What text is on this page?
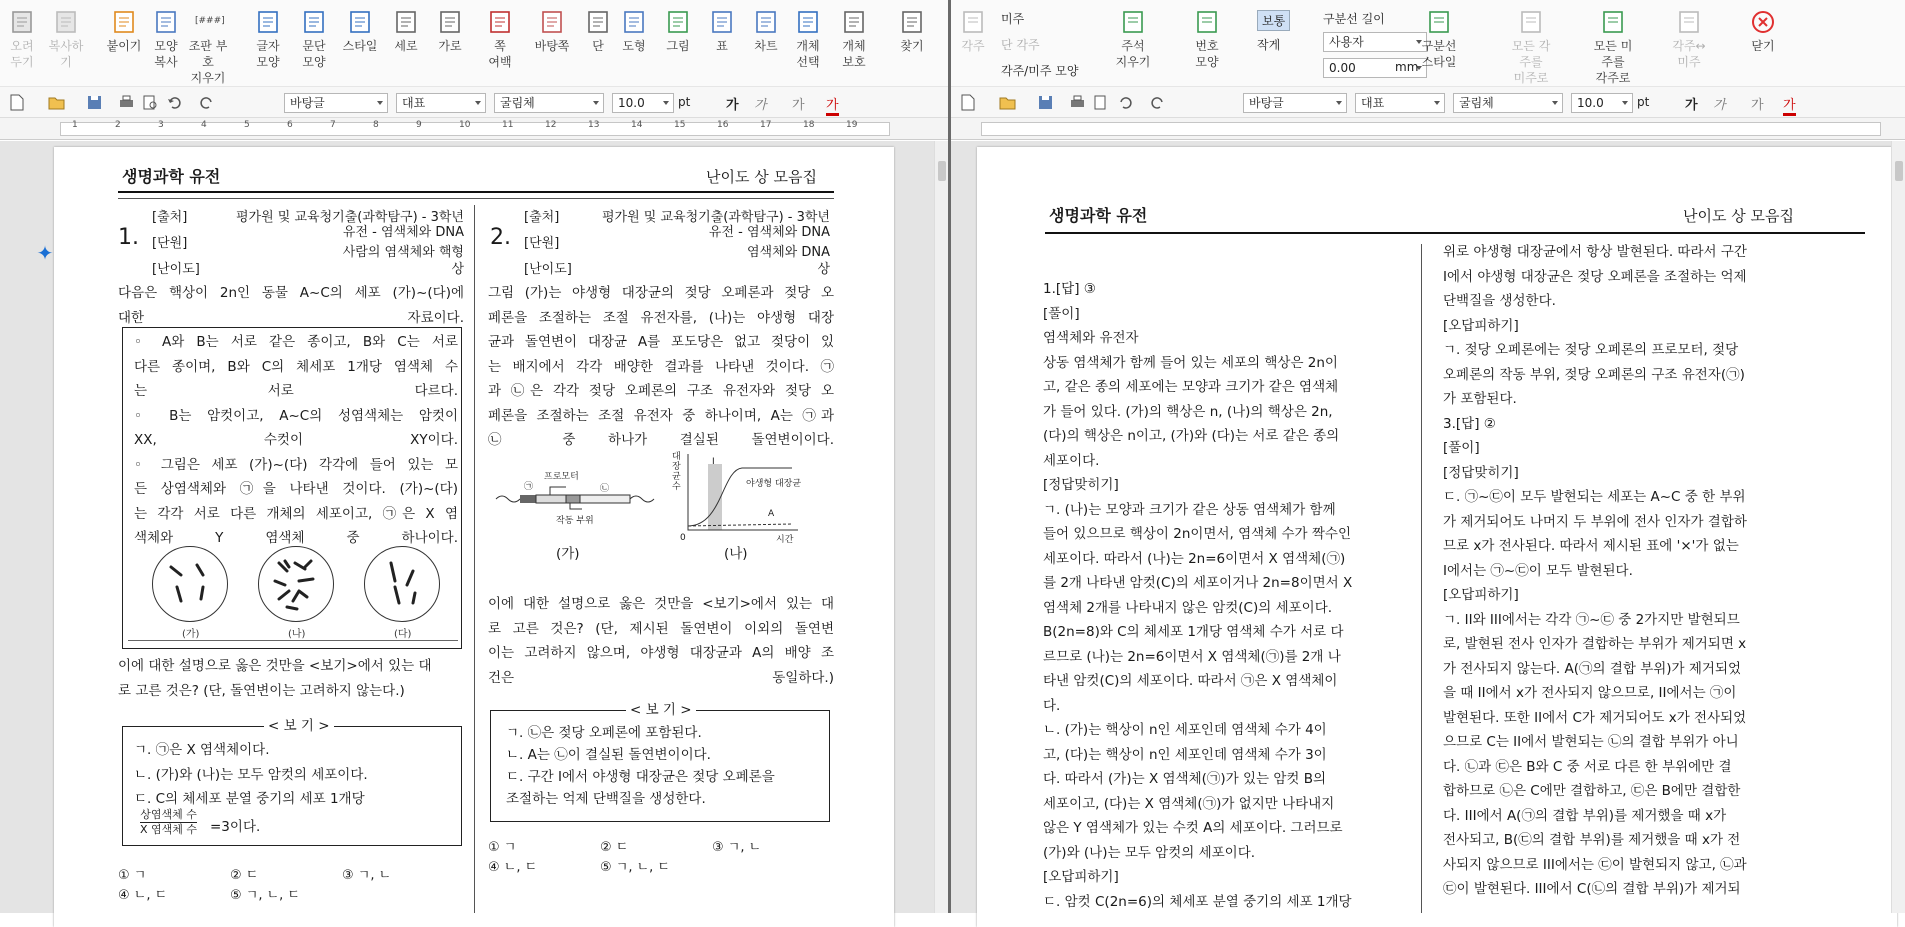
오려
두기
복사하기
붙이기	모양
복사
[###]
조판 부호
지우기
글자
모양
문단
모양
스타일	세로	가로	쪽
여백
바탕쪽	단	도형	그림	표	차트	개체
선택
개체
보호
찾기
바탕글	대표	굴림체	10.0	pt	가 가 가 가
1	2	3	4	5	6	7	8	9	10	11	12	13	14	15	16	17	18	19
✦
생명과학 유전	난이도 상 모음집
1.
[출처]	평가원 및 교육청기출(과학탐구) - 3학년
[단원]
유전 - 염색체와 DNA
사람의 염색체와 핵형
[난이도]	상
다음은 핵상이 2n인 동물 A~C의 세포 (가)~(다)에
대한 자료이다.
◦ A와 B는 서로 같은 종이고, B와 C는 서로
다른 종이며, B와 C의 체세포 1개당 염색체 수
는 서로 다르다.
◦ B는 암컷이고, A~C의 성염색체는 암컷이
XX, 수컷이 XY이다.
◦ 그림은 세포 (가)~(다) 각각에 들어 있는 모
든 상염색체와 ㉠을 나타낸 것이다. (가)~(다)
는 각각 서로 다른 개체의 세포이고, ㉠은 X 염
색체와 Y 염색체 중 하나이다.
(가)	(나)	(다)
이에 대한 설명으로 옳은 것만을 <보기>에서 있는 대
로 고른 것은? (단, 돌연변이는 고려하지 않는다.)
< 보 기 >
ㄱ. ㉠은 X 염색체이다.
ㄴ. (가)와 (나)는 모두 암컷의 세포이다.
ㄷ. C의 체세포 분열 중기의 세포 1개당
상염색체 수
X 염색체 수 =3이다.
① ㄱ	② ㄷ	③ ㄱ, ㄴ
④ ㄴ, ㄷ	⑤ ㄱ, ㄴ, ㄷ
2.
[출처]	평가원 및 교육청기출(과학탐구) - 3학년
[단원]
유전 - 염색체와 DNA
염색체와 DNA
[난이도]	상
그림 (가)는 야생형 대장균의 젖당 오페론과 젖당 오
페론을 조절하는 조절 유전자를, (나)는 야생형 대장
균과 돌연변이 대장균 A를 포도당은 없고 젖당이 있
는 배지에서 각각 배양한 결과를 나타낸 것이다. ㉠
과 ㉡은 각각 젖당 오페론의 구조 유전자와 젖당 오
페론을 조절하는 조절 유전자 중 하나이며, A는 ㉠과
㉡ 중 하나가 결실된 돌연변이이다.
프로모터
작동 부위
㉠	㉡
(가)
대장균 수	야생형 대장균
A
I
시간
0
(나)
이에 대한 설명으로 옳은 것만을 <보기>에서 있는 대
로 고른 것은? (단, 제시된 돌연변이 이외의 돌연변
이는 고려하지 않으며, 야생형 대장균과 A의 배양 조
건은 동일하다.)
< 보 기 >
ㄱ. ㉡은 젖당 오페론에 포함된다.
ㄴ. A는 ㉡이 결실된 돌연변이이다.
ㄷ. 구간 I에서 야생형 대장균은 젖당 오페론을
조절하는 억제 단백질을 생성한다.
① ㄱ	② ㄷ	③ ㄱ, ㄴ
④ ㄴ, ㄷ	⑤ ㄱ, ㄴ, ㄷ
미주
단 각주
각주/미주 모양
보통
작게
구분선 길이
사용자
0.00	mm
각주	주석
지우기
번호
모양
구분선
스타일
모든 각주를
미주로
모든 미주를
각주로
각주↔미주
닫기
바탕글	대표	굴림체	10.0	pt	가 가 가 가
생명과학 유전	난이도 상 모음집
1.[답] ③
[풀이]
염색체와 유전자
상동 염색체가 함께 들어 있는 세포의 핵상은 2n이
고, 같은 종의 세포에는 모양과 크기가 같은 염색체
가 들어 있다. (가)의 핵상은 n, (나)의 핵상은 2n,
(다)의 핵상은 n이고, (가)와 (다)는 서로 같은 종의
세포이다.
[정답맞히기]
ㄱ. (나)는 모양과 크기가 같은 상동 염색체가 함께
들어 있으므로 핵상이 2n이면서, 염색체 수가 짝수인
세포이다. 따라서 (나)는 2n=6이면서 X 염색체(㉠)
를 2개 나타낸 암컷(C)의 세포이거나 2n=8이면서 X
염색체 2개를 나타내지 않은 암컷(C)의 세포이다.
B(2n=8)와 C의 체세포 1개당 염색체 수가 서로 다
르므로 (나)는 2n=6이면서 X 염색체(㉠)를 2개 나
타낸 암컷(C)의 세포이다. 따라서 ㉠은 X 염색체이
다.
ㄴ. (가)는 핵상이 n인 세포인데 염색체 수가 4이
고, (다)는 핵상이 n인 세포인데 염색체 수가 3이
다. 따라서 (가)는 X 염색체(㉠)가 있는 암컷 B의
세포이고, (다)는 X 염색체(㉠)가 없지만 나타내지
않은 Y 염색체가 있는 수컷 A의 세포이다. 그러므로
(가)와 (나)는 모두 암컷의 세포이다.
[오답피하기]
ㄷ. 암컷 C(2n=6)의 체세포 분열 중기의 세포 1개당
위로 야생형 대장균에서 항상 발현된다. 따라서 구간
I에서 야생형 대장균은 젖당 오페론을 조절하는 억제
단백질을 생성한다.
[오답피하기]
ㄱ. 젖당 오페론에는 젖당 오페론의 프로모터, 젖당
오페론의 작동 부위, 젖당 오페론의 구조 유전자(㉠)
가 포함된다.
3.[답] ②
[풀이]
[정답맞히기]
ㄷ. ㉠~㉢이 모두 발현되는 세포는 A~C 중 한 부위
가 제거되어도 나머지 두 부위에 전사 인자가 결합하
므로 x가 전사된다. 따라서 제시된 표에 '×'가 없는
I에서는 ㉠~㉢이 모두 발현된다.
[오답피하기]
ㄱ. II와 III에서는 각각 ㉠~㉢ 중 2가지만 발현되므
로, 발현된 전사 인자가 결합하는 부위가 제거되면 x
가 전사되지 않는다. A(㉠의 결합 부위)가 제거되었
을 때 II에서 x가 전사되지 않으므로, II에서는 ㉠이
발현된다. 또한 II에서 C가 제거되어도 x가 전사되었
으므로 C는 II에서 발현되는 ㉡의 결합 부위가 아니
다. ㉡과 ㉢은 B와 C 중 서로 다른 한 부위에만 결
합하므로 ㉡은 C에만 결합하고, ㉢은 B에만 결합한
다. III에서 A(㉠의 결합 부위)를 제거했을 때 x가
전사되고, B(㉢의 결합 부위)를 제거했을 때 x가 전
사되지 않으므로 III에서는 ㉢이 발현되지 않고, ㉡과
㉢이 발현된다. III에서 C(㉡의 결합 부위)가 제거되
